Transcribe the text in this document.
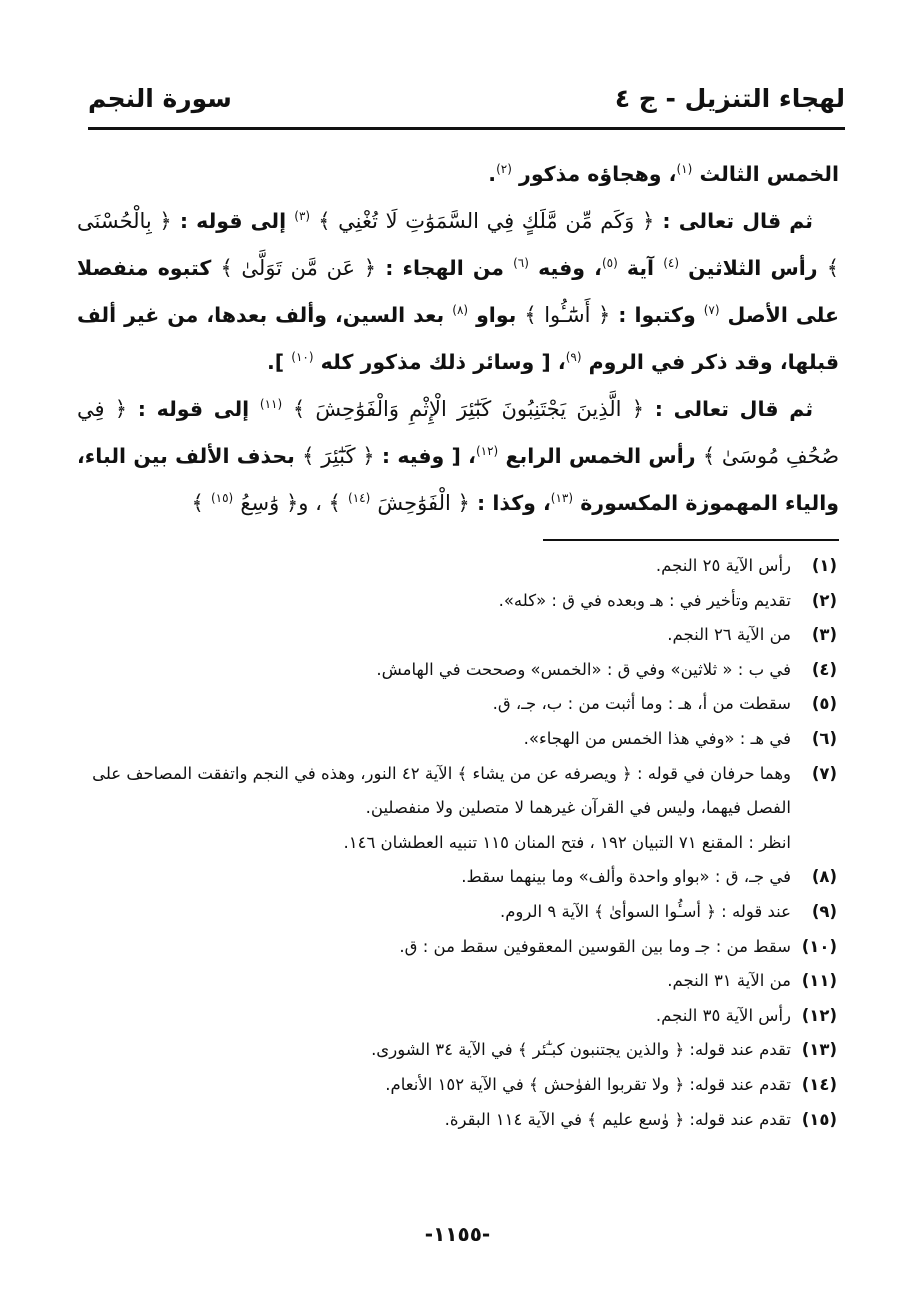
لهجاء التنزيل - ج ٤
سورة النجم

الخمس الثالث $^{(١)}$، وهجاؤه مذكور $^{(٢)}$.

ثم قال تعالى : ﴿ وَكَم مِّن مَّلَكٍ فِي السَّمَوَٰتِ لَا تُغْنِي ﴾ $^{(٣)}$ إلى قوله : ﴿ بِالْحُسْنَى ﴾ رأس الثلاثين $^{(٤)}$ آية $^{(٥)}$، وفيه $^{(٦)}$ من الهجاء : ﴿ عَن مَّن تَوَلَّىٰ ﴾ كتبوه منفصلا على الأصل $^{(٧)}$ وكتبوا : ﴿ أَسَٰٓـُٔوا ﴾ بواو $^{(٨)}$ بعد السين، وألف بعدها، من غير ألف قبلها، وقد ذكر في الروم $^{(٩)}$، [ وسائر ذلك مذكور كله $^{(١٠)}$ ].

ثم قال تعالى : ﴿ الَّذِينَ يَجْتَنِبُونَ كَبَٰٓئِرَ الْإِثْمِ وَالْفَوَٰحِشَ ﴾ $^{(١١)}$ إلى قوله : ﴿ فِي صُحُفِ مُوسَىٰ ﴾ رأس الخمس الرابع $^{(١٢)}$، [ وفيه : ﴿ كَبَٰٓئِرَ ﴾ بحذف الألف بين الباء، والياء المهموزة المكسورة $^{(١٣)}$، وكذا : ﴿ الْفَوَٰحِشَ $^{(١٤)}$ ﴾ ، و﴿ وَٰسِعُ $^{(١٥)}$ ﴾

(١)
رأس الآية ٢٥ النجم.
(٢)
تقديم وتأخير في : هـ وبعده في ق : «كله».
(٣)
من الآية ٢٦ النجم.
(٤)
في ب : « ثلاثين» وفي ق : «الخمس» وصححت في الهامش.
(٥)
سقطت من أ، هـ : وما أثبت من : ب، جـ، ق.
(٦)
في هـ : «وفي هذا الخمس من الهجاء».
(٧)
وهما حرفان في قوله : ﴿ ويصرفه عن من يشاء ﴾ الآية ٤٢ النور، وهذه في النجم واتفقت المصاحف على الفصل فيهما، وليس في القرآن غيرهما لا متصلين ولا منفصلين.
انظر : المقنع ٧١ التبيان ١٩٢ ، فتح المنان ١١٥ تنبيه العطشان ١٤٦.
(٨)
في جـ، ق : «بواو واحدة وألف» وما بينهما سقط.
(٩)
عند قوله : ﴿ أسـُٔوا السوأىٰ ﴾ الآية ٩ الروم.
(١٠)
سقط من : جـ وما بين القوسين المعقوفين سقط من : ق.
(١١)
من الآية ٣١ النجم.
(١٢)
رأس الآية ٣٥ النجم.
(١٣)
تقدم عند قوله: ﴿ والذين يجتنبون كبـٰٓئر ﴾ في الآية ٣٤ الشورى.
(١٤)
تقدم عند قوله: ﴿ ولا تقربوا الفوٰحش ﴾ في الآية ١٥٢ الأنعام.
(١٥)
تقدم عند قوله: ﴿ وٰسع عليم ﴾ في الآية ١١٤ البقرة.
-١١٥٥-
